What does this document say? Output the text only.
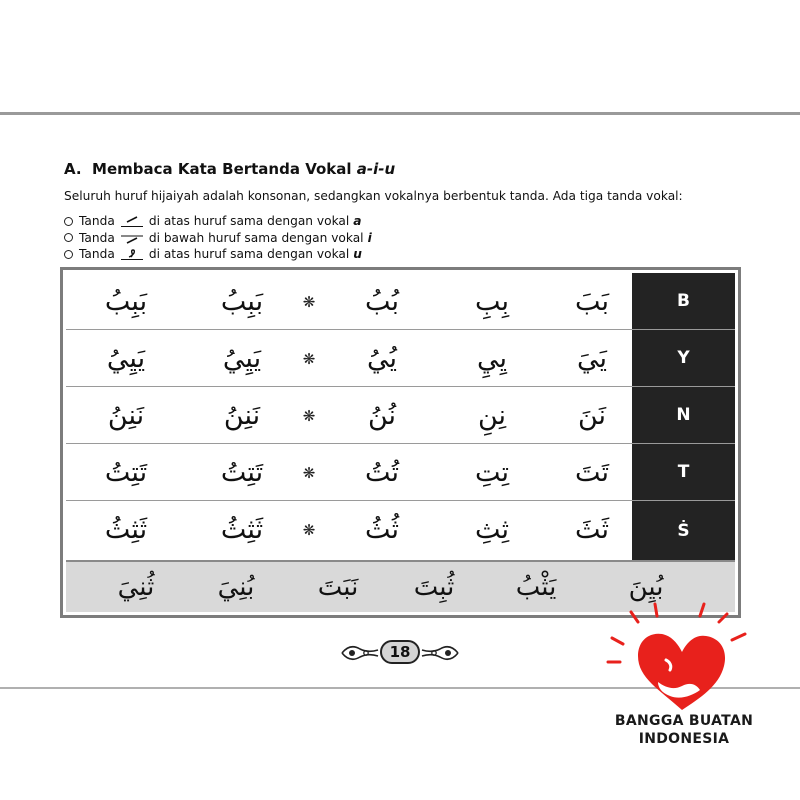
A. Membaca Kata Bertanda Vokal a-i-u
Seluruh huruf hijaiyah adalah konsonan, sedangkan vokalnya berbentuk tanda. Ada tiga tanda vokal:
Tanda	di atas huruf sama dengan vokal a
Tanda	di bawah huruf sama dengan vokal i
Tanda	di atas huruf sama dengan vokal u
بَبِبُ	بَبِبُ	❋	بُبُ	بِبِ	بَبَ	B
يَيِيُ	يَيِيُ	❋	يُيُ	يِيِ	يَيَ	Y
نَنِنُ	نَنِنُ	❋	نُنُ	نِنِ	نَنَ	N
تَتِتُ	تَتِتُ	❋	تُتُ	تِتِ	تَتَ	T
ثَثِثُ	ثَثِثُ	❋	ثُثُ	ثِثِ	ثَثَ	Ṡ
بُيِنَ
يَثْبُ
ثُبِتَ
نَبَتَ
بُنِيَ
ثُنِيَ
18
BANGGA BUATAN
INDONESIA
